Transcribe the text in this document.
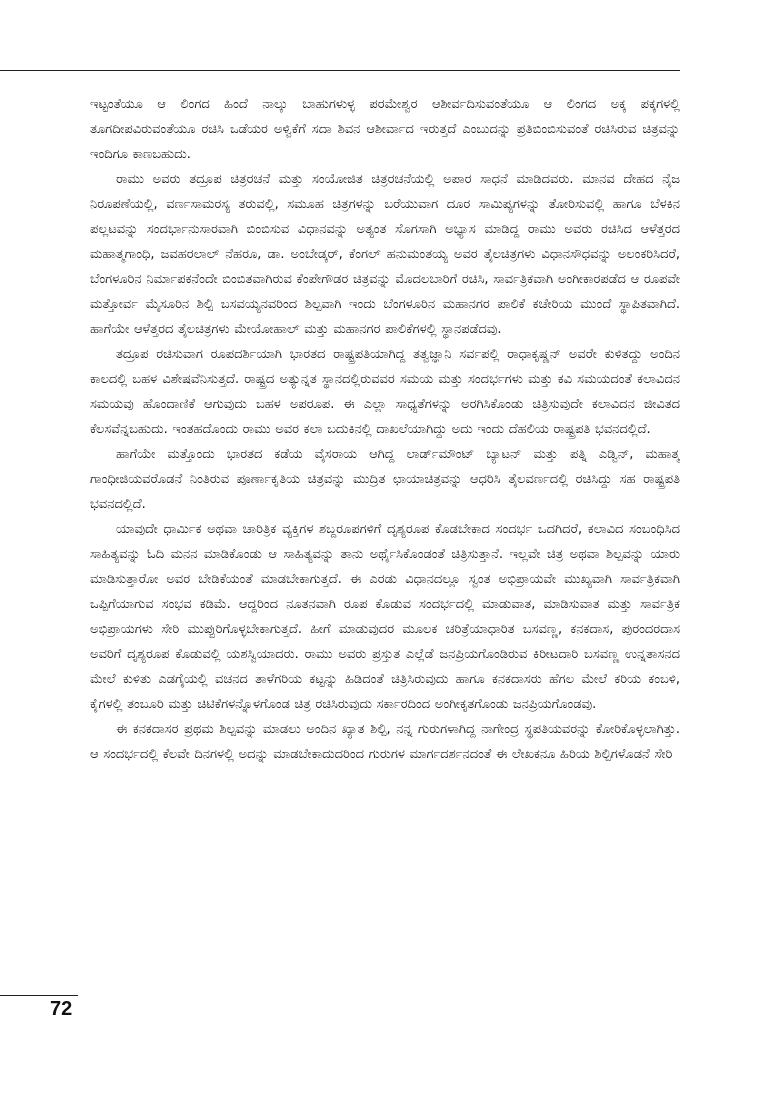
ಇಟ್ಟಂತೆಯೂ ಆ ಲಿಂಗದ ಹಿಂದೆ ನಾಲ್ಕು ಬಾಹುಗಳುಳ್ಳ ಪರಮೇಶ್ವರ ಆಶೀರ್ವದಿಸುವಂತೆಯೂ ಆ ಲಿಂಗದ ಅಕ್ಕ ಪಕ್ಕಗಳಲ್ಲಿ ತೂಗದೀಪವಿರುವಂತೆಯೂ ರಚಿಸಿ ಒಡೆಯರ ಅಳ್ವಿಕೆಗೆ ಸದಾ ಶಿವನ ಆಶೀರ್ವಾದ ಇರುತ್ತದೆ ಎಂಬುದನ್ನು ಪ್ರತಿಬಿಂಬಿಸುವಂತೆ ರಚಿಸಿರುವ ಚಿತ್ರವನ್ನು ಇಂದಿಗೂ ಕಾಣಬಹುದು.

ರಾಮು ಅವರು ತದ್ರೂಪ ಚಿತ್ರರಚನೆ ಮತ್ತು ಸಂಯೋಜಿತ ಚಿತ್ರರಚನೆಯಲ್ಲಿ ಅಪಾರ ಸಾಧನೆ ಮಾಡಿದವರು. ಮಾನವ ದೇಹದ ನೈಜ ನಿರೂಪಣೆಯಲ್ಲಿ, ವರ್ಣಸಾಮರಸ್ಯ ತರುವಲ್ಲಿ, ಸಮೂಹ ಚಿತ್ರಗಳನ್ನು ಬರೆಯುವಾಗ ದೂರ ಸಾಮಿಪ್ಯಗಳನ್ನು ತೋರಿಸುವಲ್ಲಿ ಹಾಗೂ ಬೆಳಕಿನ ಪಲ್ಲಟವನ್ನು ಸಂದರ್ಭಾನುಸಾರವಾಗಿ ಬಿಂಬಿಸುವ ವಿಧಾನವನ್ನು ಅತ್ಯಂತ ಸೊಗಸಾಗಿ ಅಭ್ಯಾಸ ಮಾಡಿದ್ದ ರಾಮು ಅವರು ರಚಿಸಿದ ಆಳೆತ್ತರದ ಮಹಾತ್ಮಗಾಂಧಿ, ಜವಹರಲಾಲ್ ನೆಹರೂ, ಡಾ. ಅಂಬೇಡ್ಕರ್, ಕೆಂಗಲ್ ಹನುಮಂತಯ್ಯ ಅವರ ತೈಲಚಿತ್ರಗಳು ವಿಧಾನಸೌಧವನ್ನು ಅಲಂಕರಿಸಿದರೆ, ಬೆಂಗಳೂರಿನ ನಿರ್ಮಾಪಕನೆಂದೇ ಬಿಂಬಿತವಾಗಿರುವ ಕೆಂಪೇಗೌಡರ ಚಿತ್ರವನ್ನು ಮೊದಲಬಾರಿಗೆ ರಚಿಸಿ, ಸಾರ್ವತ್ರಿಕವಾಗಿ ಅಂಗೀಕಾರಪಡೆದ ಆ ರೂಪವೇ ಮತ್ತೋರ್ವ ಮೈಸೂರಿನ ಶಿಲ್ಪಿ ಬಸವಯ್ಯನವರಿಂದ ಶಿಲ್ಪವಾಗಿ ಇಂದು ಬೆಂಗಳೂರಿನ ಮಹಾನಗರ ಪಾಲಿಕೆ ಕಚೇರಿಯ ಮುಂದೆ ಸ್ಥಾಪಿತವಾಗಿದೆ. ಹಾಗೆಯೇ ಆಳೆತ್ತರದ ತೈಲಚಿತ್ರಗಳು ಮೇಯೋಹಾಲ್ ಮತ್ತು ಮಹಾನಗರ ಪಾಲಿಕೆಗಳಲ್ಲಿ ಸ್ಥಾನಪಡೆದವು.

ತದ್ರೂಪ ರಚಿಸುವಾಗ ರೂಪದರ್ಶಿಯಾಗಿ ಭಾರತದ ರಾಷ್ಟ್ರಪತಿಯಾಗಿದ್ದ ತತ್ವಜ್ಞಾನಿ ಸರ್ವಪಲ್ಲಿ ರಾಧಾಕೃಷ್ಣನ್ ಅವರೇ ಕುಳಿತದ್ದು ಅಂದಿನ ಕಾಲದಲ್ಲಿ ಬಹಳ ವಿಶೇಷವೆನಿಸುತ್ತದೆ. ರಾಷ್ಟ್ರದ ಅತ್ಯುನ್ನತ ಸ್ಥಾನದಲ್ಲಿರುವವರ ಸಮಯ ಮತ್ತು ಸಂದರ್ಭಗಳು ಮತ್ತು ಕವಿ ಸಮಯದಂತೆ ಕಲಾವಿದನ ಸಮಯವು ಹೊಂದಾಣಿಕೆ ಆಗುವುದು ಬಹಳ ಅಪರೂಪ. ಈ ಎಲ್ಲಾ ಸಾಧ್ಯತೆಗಳನ್ನು ಅರಗಿಸಿಕೊಂಡು ಚಿತ್ರಿಸುವುದೇ ಕಲಾವಿದನ ಜೀವಿತದ ಕೆಲಸವೆನ್ನಬಹುದು. ಇಂತಹದೊಂದು ರಾಮು ಅವರ ಕಲಾ ಬದುಕಿನಲ್ಲಿ ದಾಖಲೆಯಾಗಿದ್ದು ಅದು ಇಂದು ದೆಹಲಿಯ ರಾಷ್ಟ್ರಪತಿ ಭವನದಲ್ಲಿದೆ.

ಹಾಗೆಯೇ ಮತ್ತೊಂದು ಭಾರತದ ಕಡೆಯ ವೈಸರಾಯ ಆಗಿದ್ದ ಲಾರ್ಡ್‌ಮೌಂಟ್ ಬ್ಯಾಟನ್ ಮತ್ತು ಪತ್ನಿ ಎಡ್ವಿನ್, ಮಹಾತ್ಮ ಗಾಂಧೀಜಿಯವರೊಡನೆ ನಿಂತಿರುವ ಪೂರ್ಣಾಕೃತಿಯ ಚಿತ್ರವನ್ನು ಮುದ್ರಿತ ಛಾಯಾಚಿತ್ರವನ್ನು ಆಧರಿಸಿ ತೈಲವರ್ಣದಲ್ಲಿ ರಚಿಸಿದ್ದು ಸಹ ರಾಷ್ಟ್ರಪತಿ ಭವನದಲ್ಲಿದೆ.

ಯಾವುದೇ ಧಾರ್ಮಿಕ ಅಥವಾ ಚಾರಿತ್ರಿಕ ವ್ಯಕ್ತಿಗಳ ಶಬ್ದರೂಪಗಳಿಗೆ ದೃಶ್ಯರೂಪ ಕೊಡಬೇಕಾದ ಸಂದರ್ಭ ಒದಗಿದರೆ, ಕಲಾವಿದ ಸಂಬಂಧಿಸಿದ ಸಾಹಿತ್ಯವನ್ನು ಓದಿ ಮನನ ಮಾಡಿಕೊಂಡು ಆ ಸಾಹಿತ್ಯವನ್ನು ತಾನು ಅರ್ಥೈಸಿಕೊಂಡಂತೆ ಚಿತ್ರಿಸುತ್ತಾನೆ. ಇಲ್ಲವೇ ಚಿತ್ರ ಅಥವಾ ಶಿಲ್ಪವನ್ನು ಯಾರು ಮಾಡಿಸುತ್ತಾರೋ ಅವರ ಬೇಡಿಕೆಯಂತೆ ಮಾಡಬೇಕಾಗುತ್ತದೆ. ಈ ಎರಡು ವಿಧಾನದಲ್ಲೂ ಸ್ವಂತ ಅಭಿಪ್ರಾಯವೇ ಮುಖ್ಯವಾಗಿ ಸಾರ್ವತ್ರಿಕವಾಗಿ ಒಪ್ಪಿಗೆಯಾಗುವ ಸಂಭವ ಕಡಿಮೆ. ಆದ್ದರಿಂದ ನೂತನವಾಗಿ ರೂಪ ಕೊಡುವ ಸಂದರ್ಭದಲ್ಲಿ ಮಾಡುವಾತ, ಮಾಡಿಸುವಾತ ಮತ್ತು ಸಾರ್ವತ್ರಿಕ ಅಭಿಪ್ರಾಯಗಳು ಸೇರಿ ಮುಪ್ಪುರಿಗೊಳ್ಳಬೇಕಾಗುತ್ತದೆ. ಹೀಗೆ ಮಾಡುವುದರ ಮೂಲಕ ಚರಿತ್ರೆಯಾಧಾರಿತ ಬಸವಣ್ಣ, ಕನಕದಾಸ, ಪುರಂದರದಾಸ ಅವರಿಗೆ ದೃಶ್ಯರೂಪ ಕೊಡುವಲ್ಲಿ ಯಶಸ್ವಿಯಾದರು. ರಾಮು ಅವರು ಪ್ರಸ್ತುತ ಎಲ್ಲೆಡೆ ಜನಪ್ರಿಯಗೊಂಡಿರುವ ಕಿರೀಟದಾರಿ ಬಸವಣ್ಣ ಉನ್ನತಾಸನದ ಮೇಲೆ ಕುಳಿತು ಎಡಗೈಯಲ್ಲಿ ವಚನದ ತಾಳೆಗರಿಯ ಕಟ್ಟನ್ನು ಹಿಡಿದಂತೆ ಚಿತ್ರಿಸಿರುವುದು ಹಾಗೂ ಕನಕದಾಸರು ಹೆಗಲ ಮೇಲೆ ಕರಿಯ ಕಂಬಳಿ, ಕೈಗಳಲ್ಲಿ ತಂಬೂರಿ ಮತ್ತು ಚಿಟಿಕೆಗಳನ್ನೊಳಗೊಂಡ ಚಿತ್ರ ರಚಿಸಿರುವುದು ಸರ್ಕಾರದಿಂದ ಅಂಗೀಕೃತಗೊಂಡು ಜನಪ್ರಿಯಗೊಂಡವು.

ಈ ಕನಕದಾಸರ ಪ್ರಥಮ ಶಿಲ್ಪವನ್ನು ಮಾಡಲು ಅಂದಿನ ಖ್ಯಾತ ಶಿಲ್ಪಿ, ನನ್ನ ಗುರುಗಳಾಗಿದ್ದ ನಾಗೇಂದ್ರ ಸ್ಥಪತಿಯವರನ್ನು ಕೋರಿಕೊಳ್ಳಲಾಗಿತ್ತು. ಆ ಸಂದರ್ಭದಲ್ಲಿ ಕೆಲವೇ ದಿನಗಳಲ್ಲಿ ಅದನ್ನು ಮಾಡಬೇಕಾದುದರಿಂದ ಗುರುಗಳ ಮಾರ್ಗದರ್ಶನದಂತೆ ಈ ಲೇಖಕನೂ ಹಿರಿಯ ಶಿಲ್ಪಿಗಳೊಡನೆ ಸೇರಿ

72
